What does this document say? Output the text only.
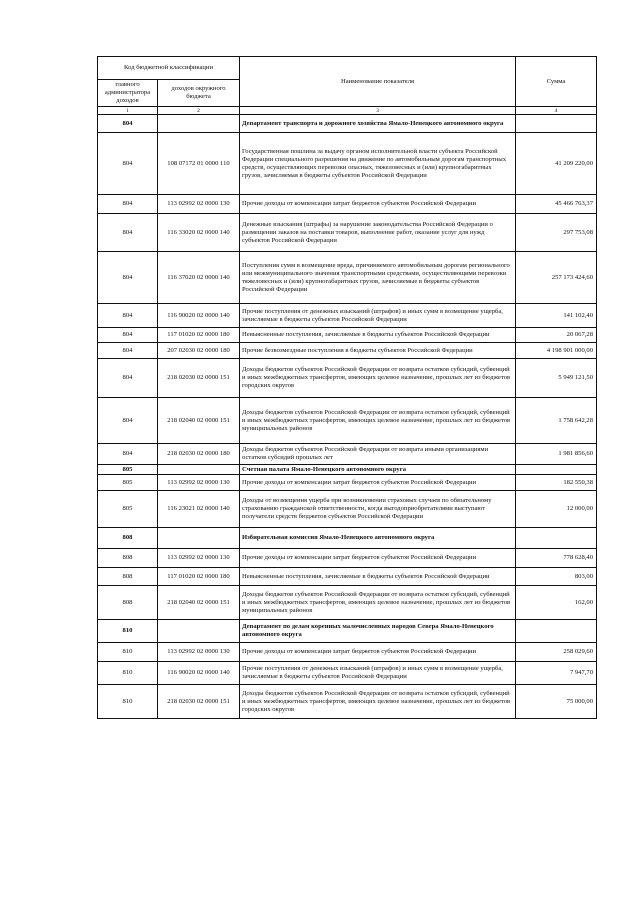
Код бюджетной классификации		Наименование показателя	Сумма
главного администратора доходов	доходов окружного бюджета		
1	2	3	4
804		Департамент транспорта и дорожного хозяйства Ямало-Ненецкого автономного округа	
804	108 07172 01 0000 110	Государственная пошлина за выдачу органом исполнительной власти субъекта Российской Федерации специального разрешения на движение по автомобильным дорогам транспортных средств, осуществляющих перевозки опасных, тяжеловесных и (или) крупногабаритных грузов, зачисляемая в бюджеты субъектов Российской Федерации	41 209 220,00
804	113 02992 02 0000 130	Прочие доходы от компенсации затрат бюджетов субъектов Российской Федерации	45 466 763,37
804	116 33020 02 0000 140	Денежные взыскания (штрафы) за нарушение законодательства Российской Федерации о размещении заказов на поставки товаров, выполнение работ, оказание услуг для нужд субъектов Российской Федерации	297 753,08
804	116 37020 02 0000 140	Поступления сумм в возмещение вреда, причиняемого автомобильным дорогам регионального или межмуниципального значения транспортными средствами, осуществляющими перевозки тяжеловесных и (или) крупногабаритных грузов, зачисляемые в бюджеты субъектов Российской Федерации	257 173 424,60
804	116 90020 02 0000 140	Прочие поступления от денежных взысканий (штрафов) и иных сумм в возмещение ущерба, зачисляемые в бюджеты субъектов Российской Федерации	141 102,40
804	117 01020 02 0000 180	Невыясненные поступления, зачисляемые в бюджеты субъектов Российской Федерации	20 067,28
804	207 02030 02 0000 180	Прочие безвозмездные поступления в бюджеты субъектов Российской Федерации	4 198 901 000,00
804	218 02030 02 0000 151	Доходы бюджетов субъектов Российской Федерации от возврата остатков субсидий, субвенций и иных межбюджетных трансфертов, имеющих целевое назначение, прошлых лет из бюджетов городских округов	5 949 121,50
804	218 02040 02 0000 151	Доходы бюджетов субъектов Российской Федерации от возврата остатков субсидий, субвенций и иных межбюджетных трансфертов, имеющих целевое назначение, прошлых лет из бюджетов муниципальных районов	1 758 642,28
804	218 02030 02 0000 180	Доходы бюджетов субъектов Российской Федерации от возврата иными организациями остатков субсидий прошлых лет	1 981 856,60
805		Счетная палата Ямало-Ненецкого автономного округа	
805	113 02992 02 0000 130	Прочие доходы от компенсации затрат бюджетов субъектов Российской Федерации	182 550,38
805	116 23021 02 0000 140	Доходы от возмещения ущерба при возникновении страховых случаев по обязательному страхованию гражданской ответственности, когда выгодоприобретателями выступают получатели средств бюджетов субъектов Российской Федерации	12 000,00
808		Избирательная комиссия Ямало-Ненецкого автономного округа	
808	113 02992 02 0000 130	Прочие доходы от компенсации затрат бюджетов субъектов Российской Федерации	778 628,40
808	117 01020 02 0000 180	Невыясненные поступления, зачисляемые в бюджеты субъектов Российской Федерации	803,00
808	218 02040 02 0000 151	Доходы бюджетов субъектов Российской Федерации от возврата остатков субсидий, субвенций и иных межбюджетных трансфертов, имеющих целевое назначение, прошлых лет из бюджетов муниципальных районов	162,00
810		Департамент по делам коренных малочисленных народов Севера Ямало-Ненецкого автономного округа	
810	113 02992 02 0000 130	Прочие доходы от компенсации затрат бюджетов субъектов Российской Федерации	258 029,60
810	116 90020 02 0000 140	Прочие поступления от денежных взысканий (штрафов) и иных сумм в возмещение ущерба, зачисляемые в бюджеты субъектов Российской Федерации	7 947,70
810	218 02030 02 0000 151	Доходы бюджетов субъектов Российской Федерации от возврата остатков субсидий, субвенций и иных межбюджетных трансфертов, имеющих целевое назначение, прошлых лет из бюджетов городских округов	75 000,00
